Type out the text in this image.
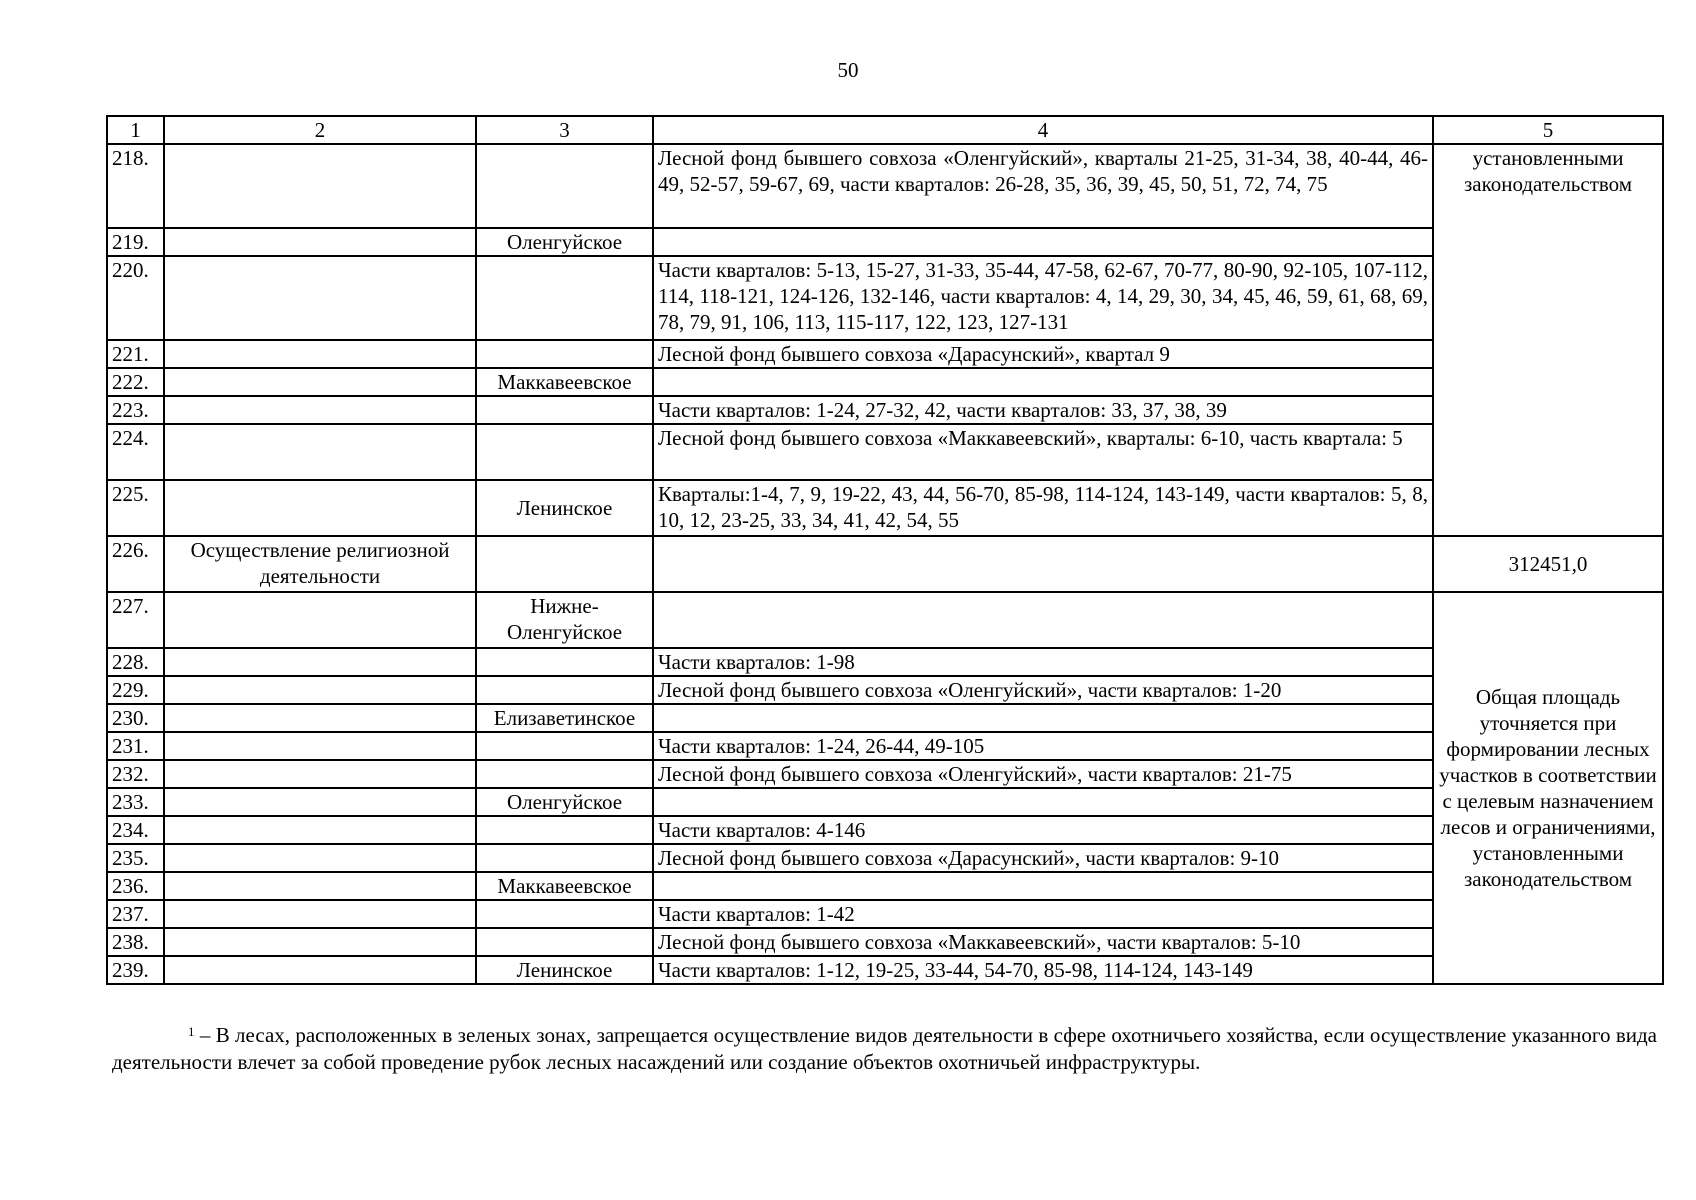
50
1	2	3	4	5
218.			Лесной фонд бывшего совхоза «Оленгуйский», кварталы 21-25, 31-34, 38, 40-44, 46-49, 52-57, 59-67, 69, части кварталов: 26-28, 35, 36, 39, 45, 50, 51, 72, 74, 75	установленными законодательством
219.		Оленгуйское		
220.			Части кварталов: 5-13, 15-27, 31-33, 35-44, 47-58, 62-67, 70-77, 80-90, 92-105, 107-112, 114, 118-121, 124-126, 132-146, части кварталов: 4, 14, 29, 30, 34, 45, 46, 59, 61, 68, 69, 78, 79, 91, 106, 113, 115-117, 122, 123, 127-131	
221.			Лесной фонд бывшего совхоза «Дарасунский», квартал 9	
222.		Маккавеевское		
223.			Части кварталов: 1-24, 27-32, 42, части кварталов: 33, 37, 38, 39	
224.			Лесной фонд бывшего совхоза «Маккавеевский», кварталы: 6-10, часть квартала: 5	
225.		Ленинское	Кварталы:1-4, 7, 9, 19-22, 43, 44, 56-70, 85-98, 114-124, 143-149, части кварталов: 5, 8, 10, 12, 23-25, 33, 34, 41, 42, 54, 55	
226.	Осуществление религиозной деятельности			312451,0
227.		Нижне-Оленгуйское		Общая площадь уточняется при формировании лесных участков в соответствии с целевым назначением лесов и ограничениями, установленными законодательством
228.			Части кварталов: 1-98	
229.			Лесной фонд бывшего совхоза «Оленгуйский», части кварталов: 1-20	
230.		Елизаветинское		
231.			Части кварталов: 1-24, 26-44, 49-105	
232.			Лесной фонд бывшего совхоза «Оленгуйский», части кварталов: 21-75	
233.		Оленгуйское		
234.			Части кварталов: 4-146	
235.			Лесной фонд бывшего совхоза «Дарасунский», части кварталов: 9-10	
236.		Маккавеевское		
237.			Части кварталов: 1-42	
238.			Лесной фонд бывшего совхоза «Маккавеевский», части кварталов: 5-10	
239.		Ленинское	Части кварталов: 1-12, 19-25, 33-44, 54-70, 85-98, 114-124, 143-149	
$^1$ – В лесах, расположенных в зеленых зонах, запрещается осуществление видов деятельности в сфере охотничьего хозяйства, если осуществление указанного вида деятельности влечет за собой проведение рубок лесных насаждений или создание объектов охотничьей инфраструктуры.
